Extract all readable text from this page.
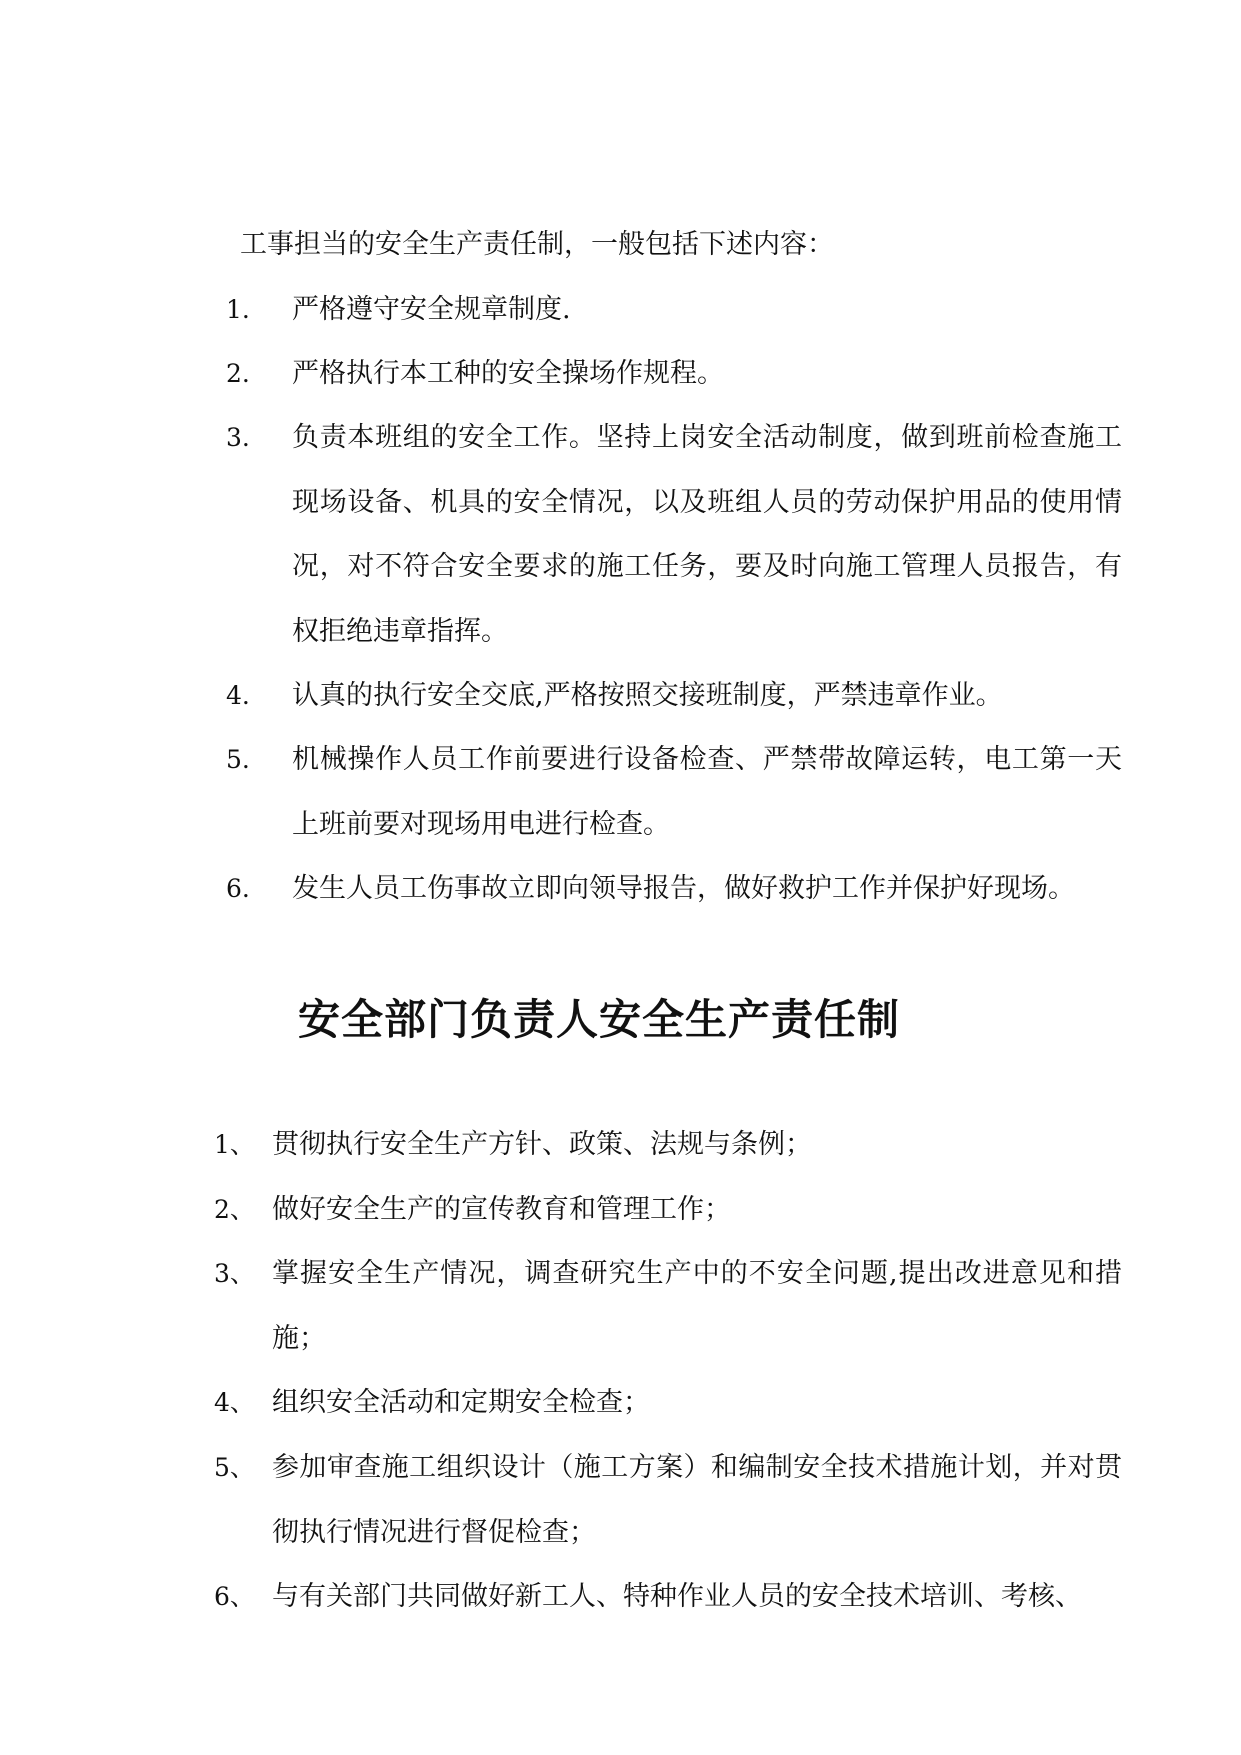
工事担当的安全生产责任制，一般包括下述内容：
1. 严格遵守安全规章制度.
2. 严格执行本工种的安全操场作规程。
3. 负责本班组的安全工作。坚持上岗安全活动制度，做到班前检查施工现场设备、机具的安全情况，以及班组人员的劳动保护用品的使用情况，对不符合安全要求的施工任务，要及时向施工管理人员报告，有权拒绝违章指挥。
4. 认真的执行安全交底,严格按照交接班制度，严禁违章作业。
5. 机械操作人员工作前要进行设备检查、严禁带故障运转，电工第一天上班前要对现场用电进行检查。
6. 发生人员工伤事故立即向领导报告，做好救护工作并保护好现场。
安全部门负责人安全生产责任制
1、 贯彻执行安全生产方针、政策、法规与条例；
2、 做好安全生产的宣传教育和管理工作；
3、 掌握安全生产情况，调查研究生产中的不安全问题,提出改进意见和措施；
4、 组织安全活动和定期安全检查；
5、 参加审查施工组织设计（施工方案）和编制安全技术措施计划，并对贯彻执行情况进行督促检查；
6、 与有关部门共同做好新工人、特种作业人员的安全技术培训、考核、
